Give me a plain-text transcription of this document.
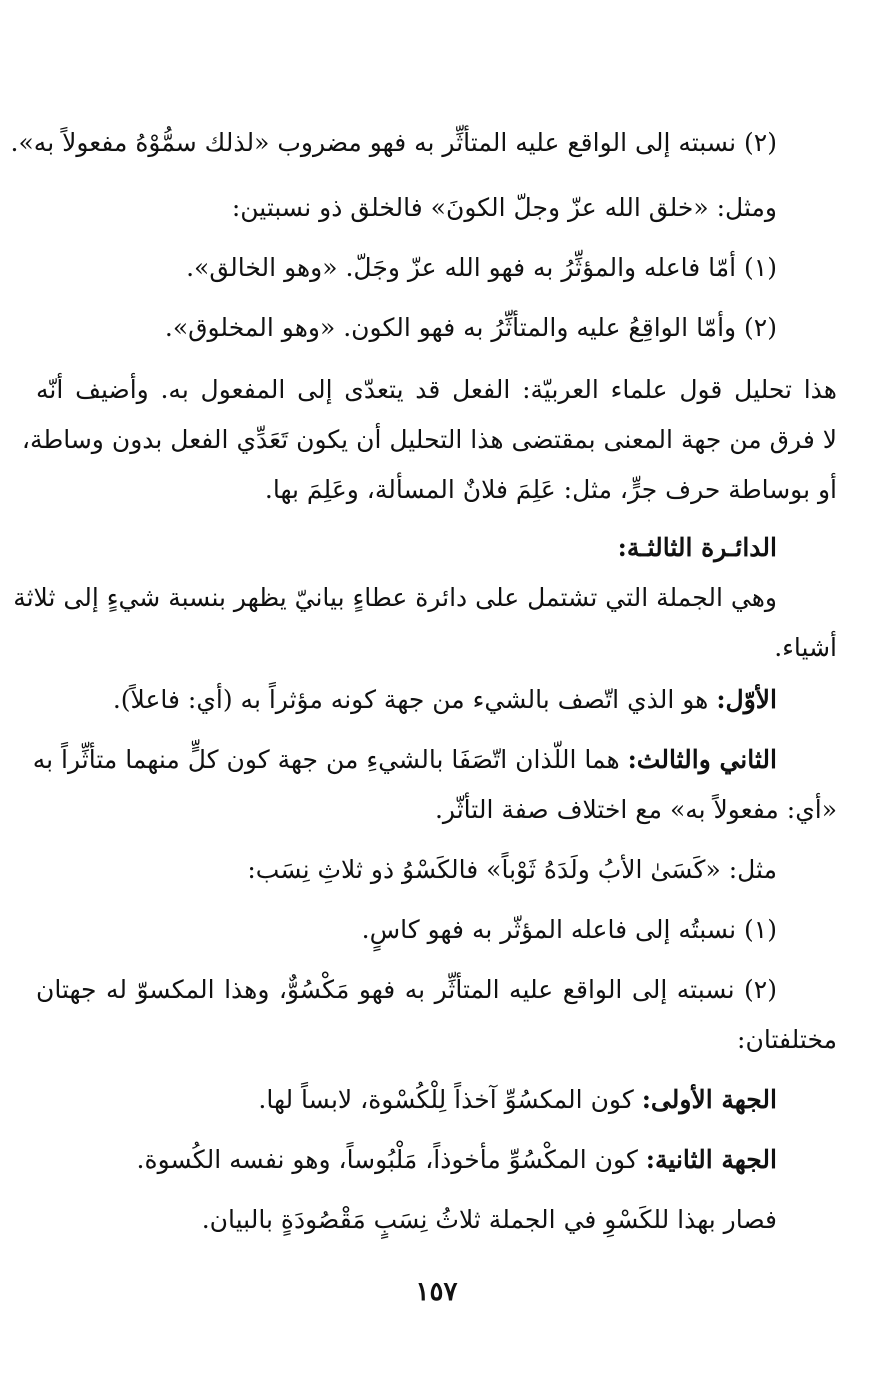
(٢) نسبته إلى الواقع عليه المتأثِّر به فهو مضروب «لذلك سمُّوْهُ مفعولاً به».
ومثل: «خلق الله عزّ وجلّ الكونَ» فالخلق ذو نسبتين:
(١) أمّا فاعله والمؤثِّرُ به فهو الله عزّ وجَلّ. «وهو الخالق».
(٢) وأمّا الواقِعُ عليه والمتأثِّرُ به فهو الكون. «وهو المخلوق».
هذا تحليل قول علماء العربيّة: الفعل قد يتعدّى إلى المفعول به. وأضيف أنّه
لا فرق من جهة المعنى بمقتضى هذا التحليل أن يكون تَعَدِّي الفعل بدون وساطة،
أو بوساطة حرف جرٍّ، مثل: عَلِمَ فلانٌ المسألة، وعَلِمَ بها.
الدائـرة الثالثـة:
وهي الجملة التي تشتمل على دائرة عطاءٍ بيانيّ يظهر بنسبة شيءٍ إلى ثلاثة
أشياء.
الأوّل: هو الذي اتّصف بالشيء من جهة كونه مؤثراً به (أي: فاعلاً).
الثاني والثالث: هما اللّذان اتّصَفَا بالشيءِ من جهة كون كلٍّ منهما متأثِّراً به
«أي: مفعولاً به» مع اختلاف صفة التأثّر.
مثل: «كَسَىٰ الأبُ ولَدَهُ ثَوْباً» فالكَسْوُ ذو ثلاثِ نِسَب:
(١) نسبتُه إلى فاعله المؤثّر به فهو كاسٍ.
(٢) نسبته إلى الواقع عليه المتأثِّر به فهو مَكْسُوٌّ، وهذا المكسوّ له جهتان
مختلفتان:
الجهة الأولى: كون المكسُوِّ آخذاً لِلْكُسْوة، لابساً لها.
الجهة الثانية: كون المكْسُوِّ مأخوذاً، مَلْبُوساً، وهو نفسه الكُسوة.
فصار بهذا للكَسْوِ في الجملة ثلاثُ نِسَبٍ مَقْصُودَةٍ بالبيان.
١٥٧
